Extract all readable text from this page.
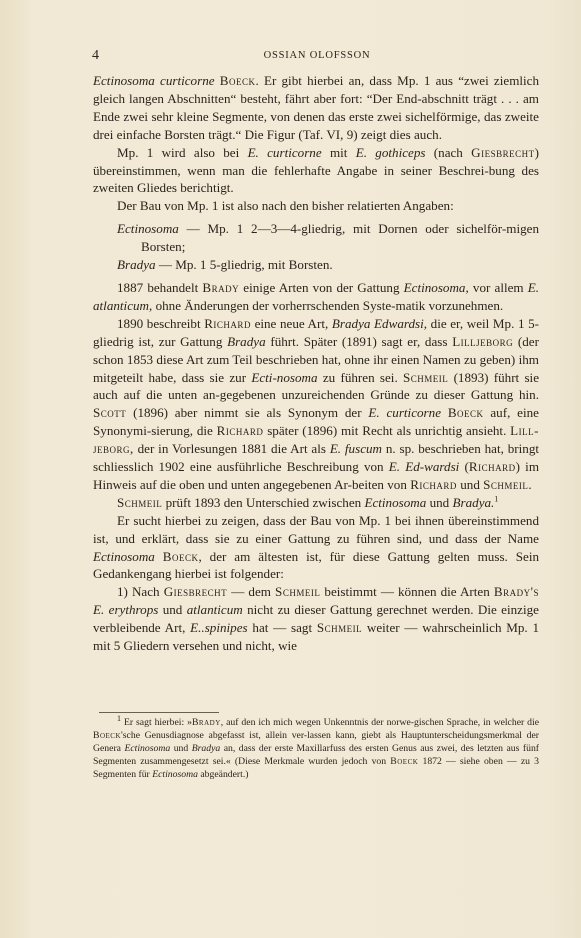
4	OSSIAN OLOFSSON

Ectinosoma curticorne Boeck. Er gibt hierbei an, dass Mp. 1 aus “zwei ziemlich gleich langen Abschnitten“ besteht, fährt aber fort: “Der End-abschnitt trägt . . . am Ende zwei sehr kleine Segmente, von denen das erste zwei sichelförmige, das zweite drei einfache Borsten trägt.“ Die Figur (Taf. VI, 9) zeigt dies auch.

Mp. 1 wird also bei E. curticorne mit E. gothiceps (nach Giesbrecht) übereinstimmen, wenn man die fehlerhafte Angabe in seiner Beschrei-bung des zweiten Gliedes berichtigt.

Der Bau von Mp. 1 ist also nach den bisher relatierten Angaben:

Ectinosoma — Mp. 1 2—3—4-gliedrig, mit Dornen oder sichelför-migen Borsten;
Bradya — Mp. 1 5-gliedrig, mit Borsten.

1887 behandelt Brady einige Arten von der Gattung Ectinosoma, vor allem E. atlanticum, ohne Änderungen der vorherrschenden Syste-matik vorzunehmen.

1890 beschreibt Richard eine neue Art, Bradya Edwardsi, die er, weil Mp. 1 5-gliedrig ist, zur Gattung Bradya führt. Später (1891) sagt er, dass Lilljeborg (der schon 1853 diese Art zum Teil beschrieben hat, ohne ihr einen Namen zu geben) ihm mitgeteilt habe, dass sie zur Ecti-nosoma zu führen sei. Schmeil (1893) führt sie auch auf die unten an-gegebenen unzureichenden Gründe zu dieser Gattung hin. Scott (1896) aber nimmt sie als Synonym der E. curticorne Boeck auf, eine Synonymi-sierung, die Richard später (1896) mit Recht als unrichtig ansieht. Lill-jeborg, der in Vorlesungen 1881 die Art als E. fuscum n. sp. beschrieben hat, bringt schliesslich 1902 eine ausführliche Beschreibung von E. Ed-wardsi (Richard) im Hinweis auf die oben und unten angegebenen Ar-beiten von Richard und Schmeil.

Schmeil prüft 1893 den Unterschied zwischen Ectinosoma und Bradya.$^1$

Er sucht hierbei zu zeigen, dass der Bau von Mp. 1 bei ihnen übereinstimmend ist, und erklärt, dass sie zu einer Gattung zu führen sind, und dass der Name Ectinosoma Boeck, der am ältesten ist, für diese Gattung gelten muss. Sein Gedankengang hierbei ist folgender:

1) Nach Giesbrecht — dem Schmeil beistimmt — können die Arten Brady's E. erythrops und atlanticum nicht zu dieser Gattung gerechnet werden. Die einzige verbleibende Art, E..spinipes hat — sagt Schmeil weiter — wahrscheinlich Mp. 1 mit 5 Gliedern versehen und nicht, wie

$^1$ Er sagt hierbei: »Brady, auf den ich mich wegen Unkenntnis der norwe-gischen Sprache, in welcher die Boeck'sche Genusdiagnose abgefasst ist, allein ver-lassen kann, giebt als Hauptunterscheidungsmerkmal der Genera Ectinosoma und Bradya an, dass der erste Maxillarfuss des ersten Genus aus zwei, des letzten aus fünf Segmenten zusammengesetzt sei.« (Diese Merkmale wurden jedoch von Boeck 1872 — siehe oben — zu 3 Segmenten für Ectinosoma abgeändert.)
